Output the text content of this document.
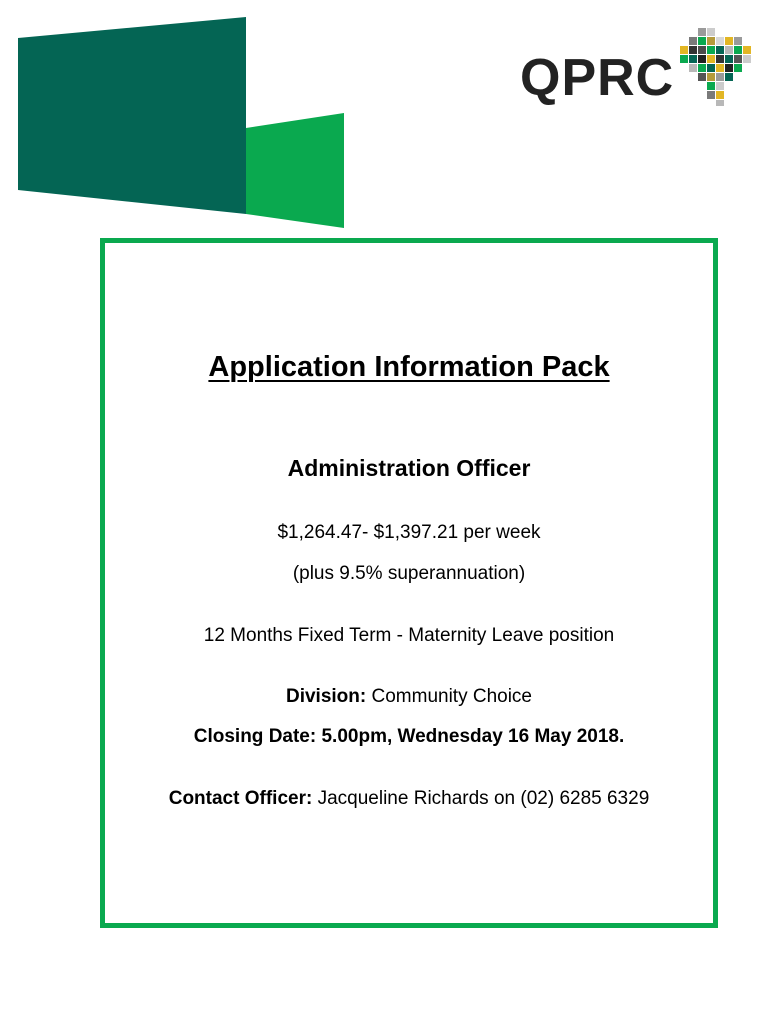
QPRC
Application Information Pack
Administration Officer
$1,264.47- $1,397.21 per week
(plus 9.5% superannuation)
12 Months Fixed Term - Maternity Leave position
Division: Community Choice
Closing Date: 5.00pm, Wednesday 16 May 2018.
Contact Officer: Jacqueline Richards on (02) 6285 6329
